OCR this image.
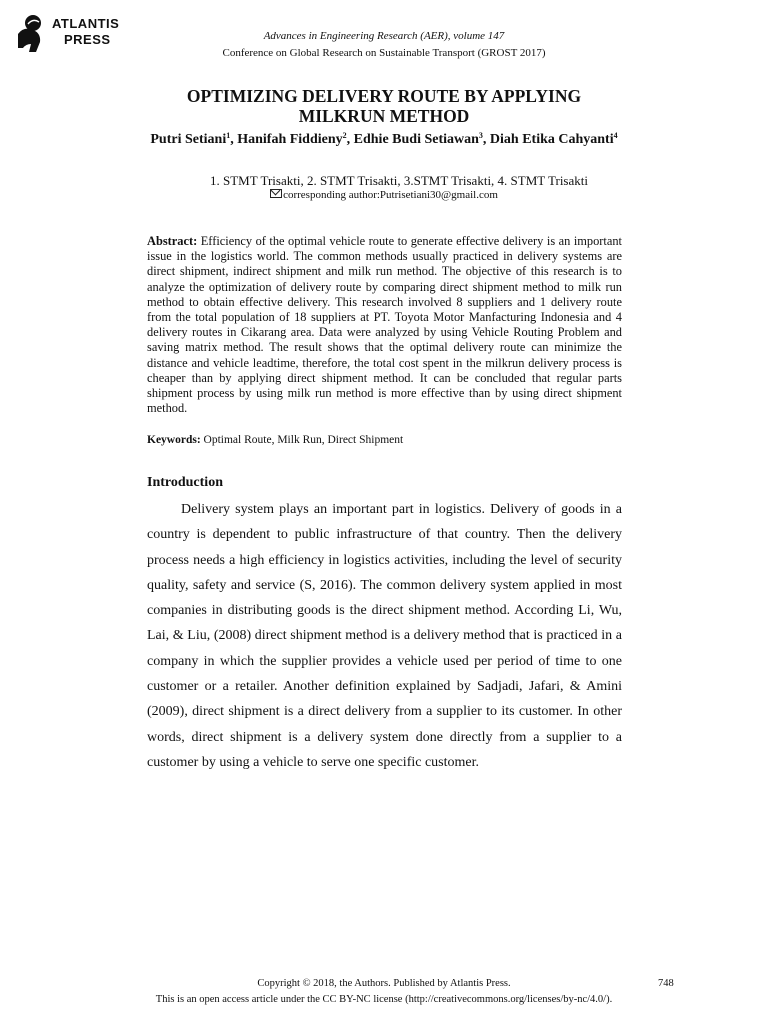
ATLANTIS
PRESS	Advances in Engineering Research (AER), volume 147
Conference on Global Research on Sustainable Transport (GROST 2017)
OPTIMIZING DELIVERY ROUTE BY APPLYING
MILKRUN METHOD
Putri Setiani$^1$, Hanifah Fiddieny$^2$, Edhie Budi Setiawan$^3$, Diah Etika Cahyanti$^4$
1. STMT Trisakti, 2. STMT Trisakti, 3.STMT Trisakti, 4. STMT Trisakti
corresponding author:Putrisetiani30@gmail.com
Abstract: Efficiency of the optimal vehicle route to generate effective delivery is an important issue in the logistics world. The common methods usually practiced in delivery systems are direct shipment, indirect shipment and milk run method. The objective of this research is to analyze the optimization of delivery route by comparing direct shipment method to milk run method to obtain effective delivery. This research involved 8 suppliers and 1 delivery route from the total population of 18 suppliers at PT. Toyota Motor Manfacturing Indonesia and 4 delivery routes in Cikarang area. Data were analyzed by using Vehicle Routing Problem and saving matrix method. The result shows that the optimal delivery route can minimize the distance and vehicle leadtime, therefore, the total cost spent in the milkrun delivery process is cheaper than by applying direct shipment method. It can be concluded that regular parts shipment process by using milk run method is more effective than by using direct shipment method.
Keywords: Optimal Route, Milk Run, Direct Shipment
Introduction
Delivery system plays an important part in logistics. Delivery of goods in a country is dependent to public infrastructure of that country. Then the delivery process needs a high efficiency in logistics activities, including the level of security quality, safety and service (S, 2016). The common delivery system applied in most companies in distributing goods is the direct shipment method. According Li, Wu, Lai, & Liu, (2008) direct shipment method is a delivery method that is practiced in a company in which the supplier provides a vehicle used per period of time to one customer or a retailer. Another definition explained by Sadjadi, Jafari, & Amini (2009), direct shipment is a direct delivery from a supplier to its customer. In other words, direct shipment is a delivery system done directly from a supplier to a customer by using a vehicle to serve one specific customer.
Copyright © 2018, the Authors. Published by Atlantis Press.	748
This is an open access article under the CC BY-NC license (http://creativecommons.org/licenses/by-nc/4.0/).
